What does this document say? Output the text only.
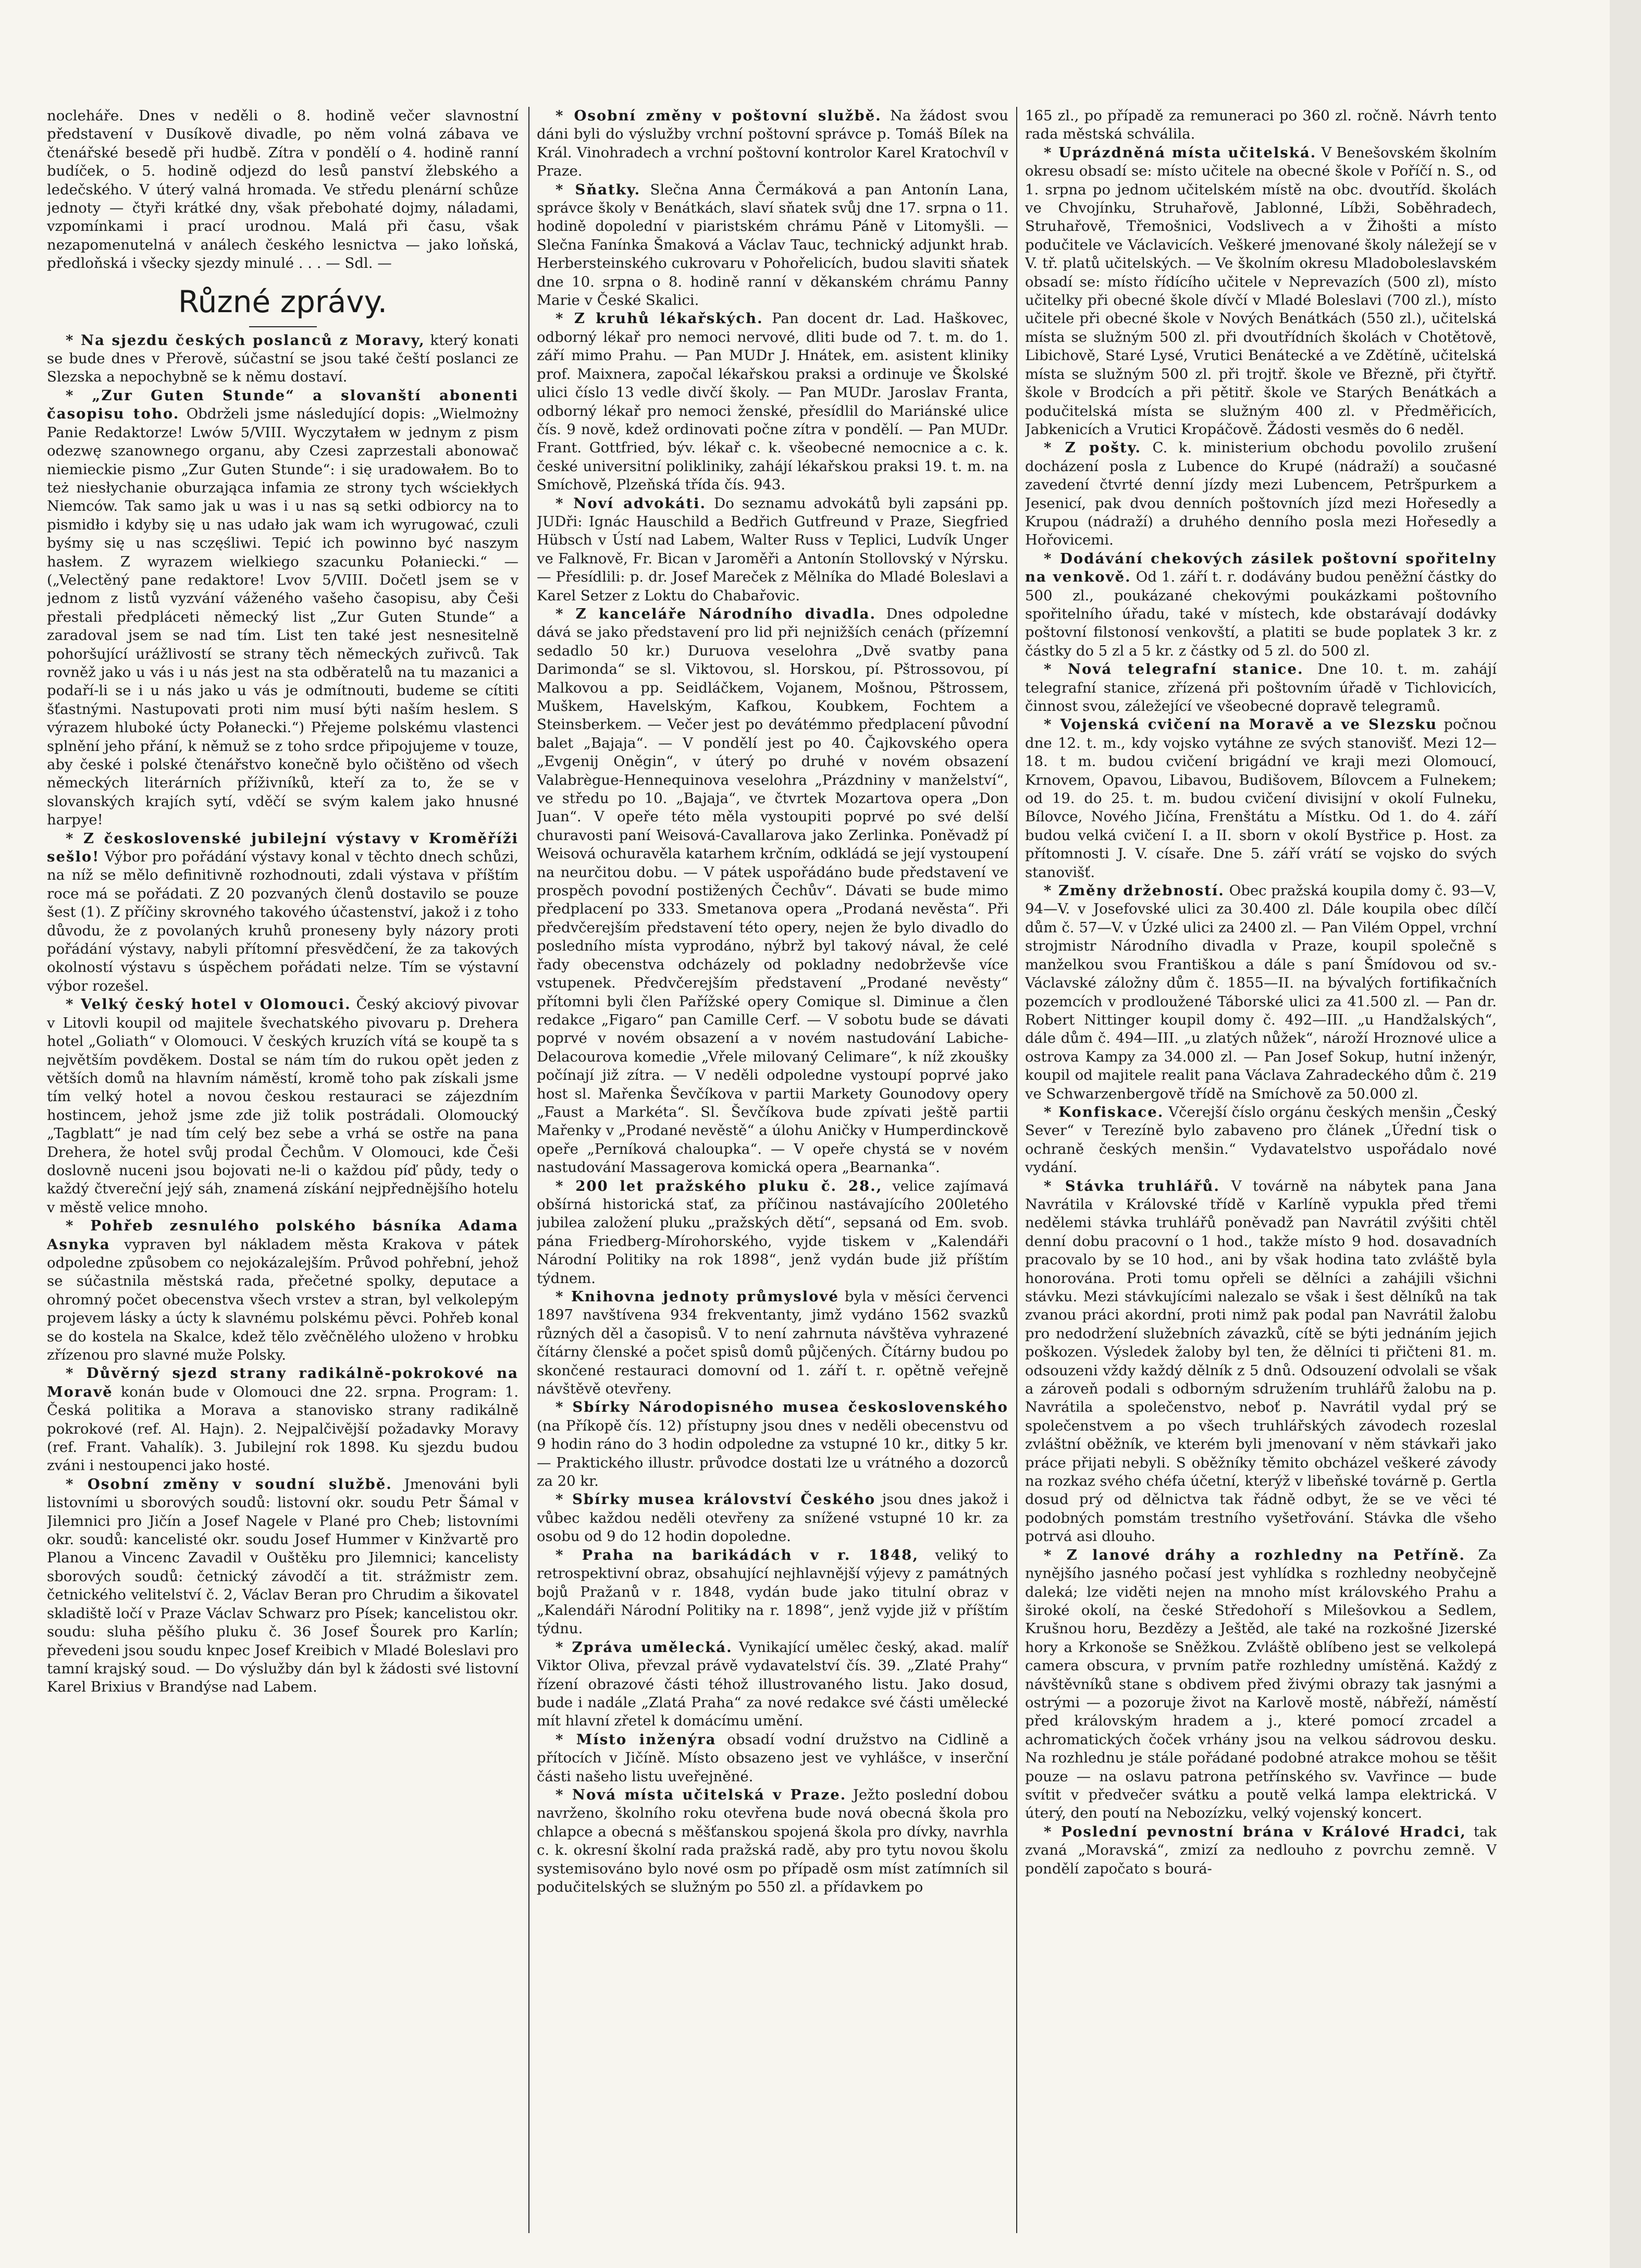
nocleháře. Dnes v neděli o 8. hodině večer slavnostní představení v Dusíkově divadle, po něm volná zábava ve čtenářské besedě při hudbě. Zítra v pondělí o 4. hodině ranní budíček, o 5. hodině odjezd do lesů panství žlebského a ledečského. V úterý valná hromada. Ve středu plenární schůze jednoty — čtyři krátké dny, však přebohaté dojmy, náladami, vzpomínkami i prací urodnou. Malá při času, však nezapomenutelná v análech českého lesnictva — jako loňská, předloňská i všecky sjezdy minulé . . . — Sdl. —

Různé zprávy.

* Na sjezdu českých poslanců z Moravy, který konati se bude dnes v Přerově, súčastní se jsou také čeští poslanci ze Slezska a nepochybně se k němu dostaví.

* „Zur Guten Stunde“ a slovanští abonenti časopisu toho. Obdrželi jsme následující dopis: „Wielmożny Panie Redaktorze! Lwów 5/VIII. Wyczytałem w jednym z pism odezwę szanownego organu, aby Czesi zaprzestali abonowač niemieckie pismo „Zur Guten Stunde“: i się uradowałem. Bo to też niesłychanie oburzająca infamia ze strony tych wściekłych Niemców. Tak samo jak u was i u nas są setki odbiorcy na to pismidło i kdyby się u nas udało jak wam ich wyrugować, czuli byśmy się u nas sczęśliwi. Tepić ich powinno być naszym hasłem. Z wyrazem wielkiego szacunku Połaniecki.“ — („Velectěný pane redaktore! Lvov 5/VIII. Dočetl jsem se v jednom z listů vyzvání váženého vašeho časopisu, aby Češi přestali předpláceti německý list „Zur Guten Stunde“ a zaradoval jsem se nad tím. List ten také jest nesnesitelně pohoršující urážlivostí se strany těch německých zuřivců. Tak rovněž jako u vás i u nás jest na sta odběratelů na tu mazanici a podaří-li se i u nás jako u vás je odmítnouti, budeme se cítiti šťastnými. Nastupovati proti nim musí býti naším heslem. S výrazem hluboké úcty Połanecki.“) Přejeme polskému vlastenci splnění jeho přání, k němuž se z toho srdce připojujeme v touze, aby české i polské čtenářstvo konečně bylo očištěno od všech německých literárních příživníků, kteří za to, že se v slovanských krajích sytí, vděčí se svým kalem jako hnusné harpye!

* Z československé jubilejní výstavy v Kroměříži sešlo! Výbor pro pořádání výstavy konal v těchto dnech schůzi, na níž se mělo definitivně rozhodnouti, zdali výstava v příštím roce má se pořádati. Z 20 pozvaných členů dostavilo se pouze šest (1). Z příčiny skrovného takového účastenství, jakož i z toho důvodu, že z povolaných kruhů proneseny byly názory proti pořádání výstavy, nabyli přítomní přesvědčení, že za takových okolností výstavu s úspěchem pořádati nelze. Tím se výstavní výbor rozešel.

* Velký český hotel v Olomouci. Český akciový pivovar v Litovli koupil od majitele švechatského pivovaru p. Drehera hotel „Goliath“ v Olomouci. V českých kruzích vítá se koupě ta s největším povděkem. Dostal se nám tím do rukou opět jeden z větších domů na hlavním náměstí, kromě toho pak získali jsme tím velký hotel a novou českou restauraci se zájezdním hostincem, jehož jsme zde již tolik postrádali. Olomoucký „Tagblatt“ je nad tím celý bez sebe a vrhá se ostře na pana Drehera, že hotel svůj prodal Čechům. V Olomouci, kde Češi doslovně nuceni jsou bojovati ne-li o každou píď půdy, tedy o každý čtvereční jejý sáh, znamená získání nejpřednějšího hotelu v městě velice mnoho.

* Pohřeb zesnulého polského básníka Adama Asnyka vypraven byl nákladem města Krakova v pátek odpoledne způsobem co nejokázalejším. Průvod pohřební, jehož se súčastnila městská rada, přečetné spolky, deputace a ohromný počet obecenstva všech vrstev a stran, byl velkolepým projevem lásky a úcty k slavnému polskému pěvci. Pohřeb konal se do kostela na Skalce, kdež tělo zvěčnělého uloženo v hrobku zřízenou pro slavné muže Polsky.

* Důvěrný sjezd strany radikálně-pokrokové na Moravě konán bude v Olomouci dne 22. srpna. Program: 1. Česká politika a Morava a stanovisko strany radikálně pokrokové (ref. Al. Hajn). 2. Nejpalčivější požadavky Moravy (ref. Frant. Vahalík). 3. Jubilejní rok 1898. Ku sjezdu budou zváni i nestoupenci jako hosté.

* Osobní změny v soudní službě. Jmenováni byli listovními u sborových soudů: listovní okr. soudu Petr Šámal v Jilemnici pro Jičín a Josef Nagele v Plané pro Cheb; listovními okr. soudů: kancelisté okr. soudu Josef Hummer v Kinžvartě pro Planou a Vincenc Zavadil v Ouštěku pro Jilemnici; kancelisty sborových soudů: četnický závodčí a tit. strážmistr zem. četnického velitelství č. 2, Václav Beran pro Chrudim a šikovatel skladiště ločí v Praze Václav Schwarz pro Písek; kancelistou okr. soudu: sluha pěšího pluku č. 36 Josef Šourek pro Karlín; převedeni jsou soudu knpec Josef Kreibich v Mladé Boleslavi pro tamní krajský soud. — Do výslužby dán byl k žádosti své listovní Karel Brixius v Brandýse nad Labem.

* Osobní změny v poštovní službě. Na žádost svou dáni byli do výslužby vrchní poštovní správce p. Tomáš Bílek na Král. Vinohradech a vrchní poštovní kontrolor Karel Kratochvíl v Praze.

* Sňatky. Slečna Anna Čermáková a pan Antonín Lana, správce školy v Benátkách, slaví sňatek svůj dne 17. srpna o 11. hodině dopolední v piaristském chrámu Páně v Litomyšli. — Slečna Fanínka Šmaková a Václav Tauc, technický adjunkt hrab. Herbersteinského cukrovaru v Pohořelicích, budou slaviti sňatek dne 10. srpna o 8. hodině ranní v děkanském chrámu Panny Marie v České Skalici.

* Z kruhů lékařských. Pan docent dr. Lad. Haškovec, odborný lékař pro nemoci nervové, dliti bude od 7. t. m. do 1. září mimo Prahu. — Pan MUDr J. Hnátek, em. asistent kliniky prof. Maixnera, započal lékařskou praksi a ordinuje ve Školské ulici číslo 13 vedle divčí školy. — Pan MUDr. Jaroslav Franta, odborný lékař pro nemoci ženské, přesídlil do Mariánské ulice čís. 9 nově, kdež ordinovati počne zítra v pondělí. — Pan MUDr. Frant. Gottfried, býv. lékař c. k. všeobecné nemocnice a c. k. české universitní polikliniky, zahájí lékařskou praksi 19. t. m. na Smíchově, Plzeňská třída čís. 943.

* Noví advokáti. Do seznamu advokátů byli zapsáni pp. JUDři: Ignác Hauschild a Bedřich Gutfreund v Praze, Siegfried Hübsch v Ústí nad Labem, Walter Russ v Teplici, Ludvík Unger ve Falknově, Fr. Bican v Jaroměři a Antonín Stollovský v Nýrsku. — Přesídlili: p. dr. Josef Mareček z Mělníka do Mladé Boleslavi a Karel Setzer z Loktu do Chabařovic.

* Z kanceláře Národního divadla. Dnes odpoledne dává se jako představení pro lid při nejnižších cenách (přízemní sedadlo 50 kr.) Duruova veselohra „Dvě svatby pana Darimonda“ se sl. Viktovou, sl. Horskou, pí. Pštrossovou, pí Malkovou a pp. Seidláčkem, Vojanem, Mošnou, Pštrossem, Muškem, Havelským, Kafkou, Koubkem, Fochtem a Steinsberkem. — Večer jest po devátémmo předplacení původní balet „Bajaja“. — V pondělí jest po 40. Čajkovského opera „Evgenij Oněgin“, v úterý po druhé v novém obsazení Valabrègue-Hennequinova veselohra „Prázdniny v manželství“, ve středu po 10. „Bajaja“, ve čtvrtek Mozartova opera „Don Juan“. V opeře této měla vystoupiti poprvé po své delší churavosti paní Weisová-Cavallarova jako Zerlinka. Poněvadž pí Weisová ochuravěla katarhem krčním, odkládá se její vystoupení na neurčitou dobu. — V pátek uspořádáno bude představení ve prospěch povodní postižených Čechův“. Dávati se bude mimo předplacení po 333. Smetanova opera „Prodaná nevěsta“. Při předvčerejším představení této opery, nejen že bylo divadlo do posledního místa vyprodáno, nýbrž byl takový nával, že celé řady obecenstva odcházely od pokladny nedobrževše více vstupenek. Předvčerejším představení „Prodané nevěsty“ přítomni byli člen Pařížské opery Comique sl. Diminue a člen redakce „Figaro“ pan Camille Cerf. — V sobotu bude se dávati poprvé v novém obsazení a v novém nastudování Labiche-Delacourova komedie „Vřele milovaný Celimare“, k níž zkoušky počínají již zítra. — V neděli odpoledne vystoupí poprvé jako host sl. Mařenka Ševčíkova v partii Markety Gounodovy opery „Faust a Markéta“. Sl. Ševčíkova bude zpívati ještě partii Mařenky v „Prodané nevěstě“ a úlohu Aničky v Humperdinckově opeře „Perníková chaloupka“. — V opeře chystá se v novém nastudování Massagerova komická opera „Bearnanka“.

* 200 let pražského pluku č. 28., velice zajímavá obšírná historická stať, za příčinou nastávajícího 200letého jubilea založení pluku „pražských dětí“, sepsaná od Em. svob. pána Friedberg-Mírohorského, vyjde tiskem v „Kalendáři Národní Politiky na rok 1898“, jenž vydán bude již příštím týdnem.

* Knihovna jednoty průmyslové byla v měsíci červenci 1897 navštívena 934 frekventanty, jimž vydáno 1562 svazků různých děl a časopisů. V to není zahrnuta návštěva vyhrazené čítárny členské a počet spisů domů půjčených. Čítárny budou po skončené restauraci domovní od 1. září t. r. opětně veřejně návštěvě otevřeny.

* Sbírky Národopisného musea československého (na Příkopě čís. 12) přístupny jsou dnes v neděli obecenstvu od 9 hodin ráno do 3 hodin odpoledne za vstupné 10 kr., ditky 5 kr. — Praktického illustr. průvodce dostati lze u vrátného a dozorců za 20 kr.

* Sbírky musea království Českého jsou dnes jakož i vůbec každou neděli otevřeny za snížené vstupné 10 kr. za osobu od 9 do 12 hodin dopoledne.

* Praha na barikádách v r. 1848, veliký to retrospektivní obraz, obsahující nejhlavnější výjevy z památných bojů Pražanů v r. 1848, vydán bude jako titulní obraz v „Kalendáři Národní Politiky na r. 1898“, jenž vyjde již v příštím týdnu.

* Zpráva umělecká. Vynikající umělec český, akad. malíř Viktor Oliva, převzal právě vydavatelství čís. 39. „Zlaté Prahy“ řízení obrazové části téhož illustrovaného listu. Jako dosud, bude i nadále „Zlatá Praha“ za nové redakce své části umělecké mít hlavní zřetel k domácímu umění.

* Místo inženýra obsadí vodní družstvo na Cidlině a přítocích v Jičíně. Místo obsazeno jest ve vyhlášce, v inserční části našeho listu uveřejněné.

* Nová místa učitelská v Praze. Ježto poslední dobou navrženo, školního roku otevřena bude nová obecná škola pro chlapce a obecná s měšťanskou spojená škola pro dívky, navrhla c. k. okresní školní rada pražská radě, aby pro tytu novou školu systemisováno bylo nové osm po případě osm míst zatímních sil podučitelských se služným po 550 zl. a přídavkem po

165 zl., po případě za remuneraci po 360 zl. ročně. Návrh tento rada městská schválila.

* Uprázdněná místa učitelská. V Benešovském školním okresu obsadí se: místo učitele na obecné škole v Poříčí n. S., od 1. srpna po jednom učitelském místě na obc. dvoutříd. školách ve Chvojínku, Struhařově, Jablonné, Líbži, Soběhradech, Struhařově, Třemošnici, Vodslivech a v Žihošti a místo podučitele ve Václavicích. Veškeré jmenované školy náležejí se v V. tř. platů učitelských. — Ve školním okresu Mladoboleslavském obsadí se: místo řídícího učitele v Neprevazích (500 zl), místo učitelky při obecné škole dívčí v Mladé Boleslavi (700 zl.), místo učitele při obecné škole v Nových Benátkách (550 zl.), učitelská místa se služným 500 zl. při dvoutřídních školách v Chotětově, Libichově, Staré Lysé, Vrutici Benátecké a ve Zdětíně, učitelská místa se služným 500 zl. při trojtř. škole ve Březně, při čtyřtř. škole v Brodcích a při pětitř. škole ve Starých Benátkách a podučitelská místa se služným 400 zl. v Předměřicích, Jabkenicích a Vrutici Kropáčově. Žádosti vesměs do 6 neděl.

* Z pošty. C. k. ministerium obchodu povolilo zrušení docházení posla z Lubence do Krupé (nádraží) a současné zavedení čtvrté denní jízdy mezi Lubencem, Petršpurkem a Jesenicí, pak dvou denních poštovních jízd mezi Hořesedly a Krupou (nádraží) a druhého denního posla mezi Hořesedly a Hořovicemi.

* Dodávání chekových zásilek poštovní spořitelny na venkově. Od 1. září t. r. dodávány budou peněžní částky do 500 zl., poukázané chekovými poukázkami poštovního spořitelního úřadu, také v místech, kde obstarávají dodávky poštovní filstonosí venkovští, a platiti se bude poplatek 3 kr. z částky do 5 zl a 5 kr. z částky od 5 zl. do 500 zl.

* Nová telegrafní stanice. Dne 10. t. m. zahájí telegrafní stanice, zřízená při poštovním úřadě v Tichlovicích, činnost svou, záležející ve všeobecné dopravě telegramů.

* Vojenská cvičení na Moravě a ve Slezsku počnou dne 12. t. m., kdy vojsko vytáhne ze svých stanovišť. Mezi 12—18. t m. budou cvičení brigádní ve kraji mezi Olomoucí, Krnovem, Opavou, Libavou, Budišovem, Bílovcem a Fulnekem; od 19. do 25. t. m. budou cvičení divisijní v okolí Fulneku, Bílovce, Nového Jičína, Frenštátu a Místku. Od 1. do 4. září budou velká cvičení I. a II. sborn v okolí Bystřice p. Host. za přítomnosti J. V. císaře. Dne 5. září vrátí se vojsko do svých stanovišť.

* Změny držebností. Obec pražská koupila domy č. 93—V, 94—V. v Josefovské ulici za 30.400 zl. Dále koupila obec dílčí dům č. 57—V. v Úzké ulici za 2400 zl. — Pan Vilém Oppel, vrchní strojmistr Národního divadla v Praze, koupil společně s manželkou svou Františkou a dále s paní Šmídovou od sv.-Václavské záložny dům č. 1855—II. na bývalých fortifikačních pozemcích v prodloužené Táborské ulici za 41.500 zl. — Pan dr. Robert Nittinger koupil domy č. 492—III. „u Handžalských“, dále dům č. 494—III. „u zlatých nůžek“, nároží Hroznové ulice a ostrova Kampy za 34.000 zl. — Pan Josef Sokup, hutní inženýr, koupil od majitele realit pana Václava Zahradeckého dům č. 219 ve Schwarzenbergově třídě na Smíchově za 50.000 zl.

* Konfiskace. Včerejší číslo orgánu českých menšin „Český Sever“ v Terezíně bylo zabaveno pro článek „Úřední tisk o ochraně českých menšin.“ Vydavatelstvo uspořádalo nové vydání.

* Stávka truhlářů. V továrně na nábytek pana Jana Navrátila v Královské třídě v Karlíně vypukla před třemi nedělemi stávka truhlářů poněvadž pan Navrátil zvýšiti chtěl denní dobu pracovní o 1 hod., takže místo 9 hod. dosavadních pracovalo by se 10 hod., ani by však hodina tato zvláště byla honorována. Proti tomu opřeli se dělníci a zahájili všichni stávku. Mezi stávkujícími nalezalo se však i šest dělníků na tak zvanou práci akordní, proti nimž pak podal pan Navrátil žalobu pro nedodržení služebních závazků, cítě se býti jednáním jejich poškozen. Výsledek žaloby byl ten, že dělníci ti přičteni 81. m. odsouzeni vždy každý dělník z 5 dnů. Odsouzení odvolali se však a zároveň podali s odborným sdružením truhlářů žalobu na p. Navrátila a společenstvo, neboť p. Navrátil vydal prý se společenstvem a po všech truhlářských závodech rozeslal zvláštní oběžník, ve kterém byli jmenovaní v něm stávkaři jako práce přijati nebyli. S oběžníky těmito obcházel veškeré závody na rozkaz svého chéfa účetní, kterýž v libeňské továrně p. Gertla dosud prý od dělnictva tak řádně odbyt, že se ve věci té podobných pomstám trestního vyšetřování. Stávka dle všeho potrvá asi dlouho.

* Z lanové dráhy a rozhledny na Petříně. Za nynějšího jasného počasí jest vyhlídka s rozhledny neobyčejně daleká; lze viděti nejen na mnoho míst královského Prahu a široké okolí, na české Středohoří s Milešovkou a Sedlem, Krušnou horu, Bezdězy a Ještěd, ale také na rozkošné Jizerské hory a Krkonoše se Sněžkou. Zvláště oblíbeno jest se velkolepá camera obscura, v prvním patře rozhledny umístěná. Každý z návštěvníků stane s obdivem před živými obrazy tak jasnými a ostrými — a pozoruje život na Karlově mostě, nábřeží, náměstí před královským hradem a j., které pomocí zrcadel a achromatických čoček vrhány jsou na velkou sádrovou desku. Na rozhlednu je stále pořádané podobné atrakce mohou se těšit pouze — na oslavu patrona petřínského sv. Vavřince — bude svítit v předvečer svátku a poutě velká lampa elektrická. V úterý, den poutí na Nebozízku, velký vojenský koncert.

* Poslední pevnostní brána v Králové Hradci, tak zvaná „Moravská“, zmizí za nedlouho z povrchu zemně. V pondělí započato s bourá-
